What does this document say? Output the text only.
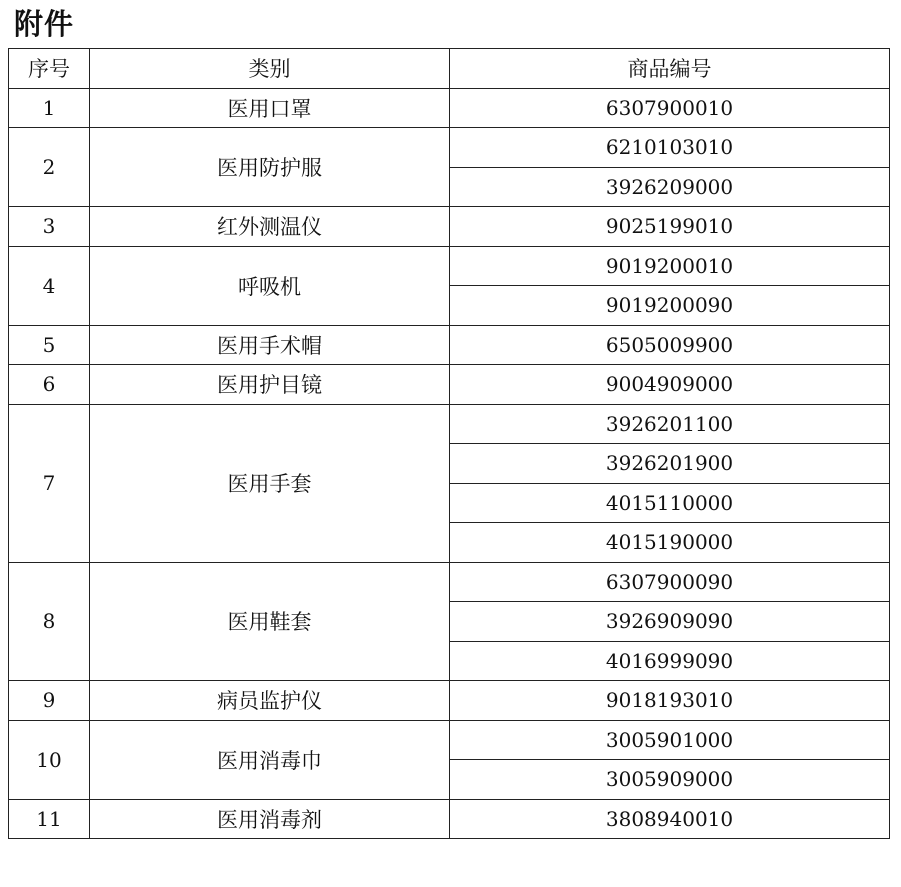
附件
序号	类别	商品编号
1	医用口罩	6307900010
2	医用防护服	6210103010
		3926209000
3	红外测温仪	9025199010
4	呼吸机	9019200010
		9019200090
5	医用手术帽	6505009900
6	医用护目镜	9004909000
7	医用手套	3926201100
		3926201900
		4015110000
		4015190000
8	医用鞋套	6307900090
		3926909090
		4016999090
9	病员监护仪	9018193010
10	医用消毒巾	3005901000
		3005909000
11	医用消毒剂	3808940010
